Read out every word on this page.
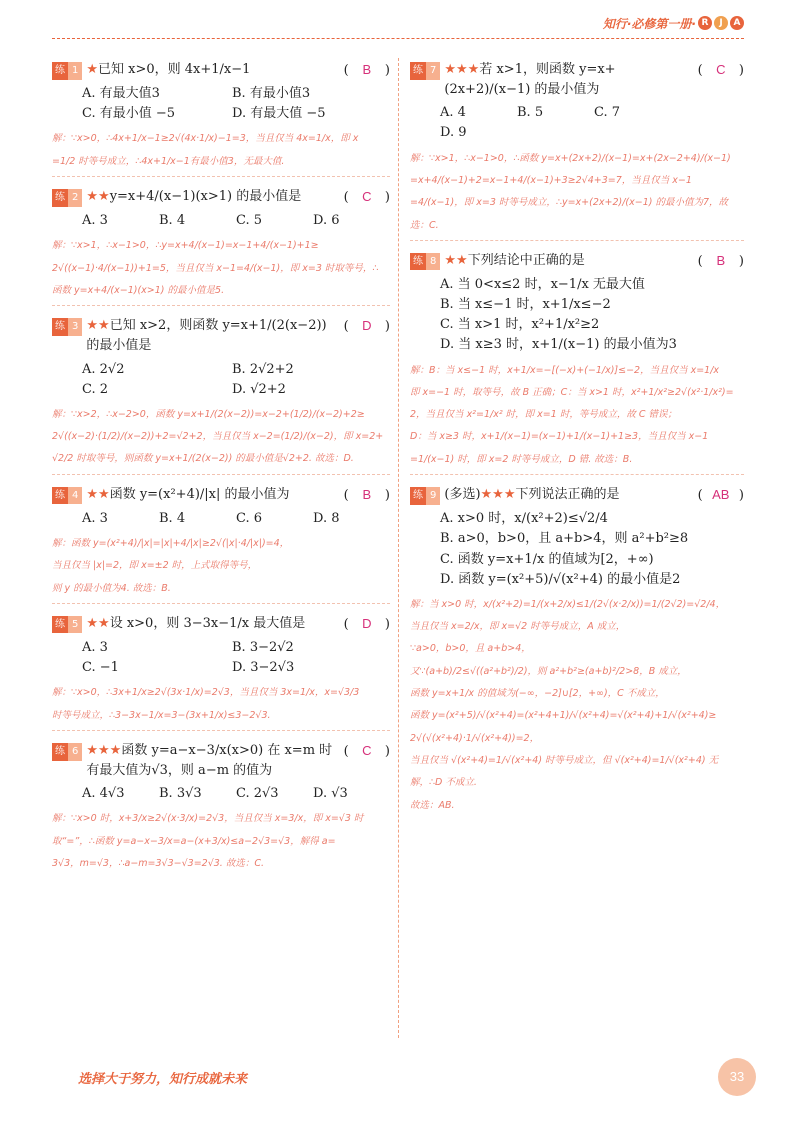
知行·必修第一册· R	J	A
练 1 ★已知 x>0，则 4x+1/x−1	( B )
A. 有最大值3	B. 有最小值3
C. 有最小值 −5	D. 有最大值 −5
解：∵x>0，∴4x+1/x−1≥2√(4x·1/x)−1=3，当且仅当 4x=1/x，即 x
=1/2 时等号成立，∴4x+1/x−1有最小值3，无最大值.
练 2 ★★y=x+4/(x−1)(x>1) 的最小值是	( C )
A. 3	B. 4	C. 5	D. 6
解：∵x>1，∴x−1>0，∴y=x+4/(x−1)=x−1+4/(x−1)+1≥
2√((x−1)·4/(x−1))+1=5，当且仅当 x−1=4/(x−1)，即 x=3 时取等号，∴
函数 y=x+4/(x−1)(x>1) 的最小值是5.
练 3 ★★已知 x>2，则函数 y=x+1/(2(x−2)) 的最小值是
( D )
A. 2√2	B. 2√2+2
C. 2	D. √2+2
解：∵x>2，∴x−2>0，函数 y=x+1/(2(x−2))=x−2+(1/2)/(x−2)+2≥
2√((x−2)·(1/2)/(x−2))+2=√2+2，当且仅当 x−2=(1/2)/(x−2)，即 x=2+
√2/2 时取等号，则函数 y=x+1/(2(x−2)) 的最小值是√2+2. 故选：D.
练 4 ★★函数 y=(x²+4)/|x| 的最小值为	( B )
A. 3	B. 4	C. 6	D. 8
解：函数 y=(x²+4)/|x|=|x|+4/|x|≥2√(|x|·4/|x|)=4，
当且仅当 |x|=2，即 x=±2 时，上式取得等号，
则 y 的最小值为4. 故选：B.
练 5 ★★设 x>0，则 3−3x−1/x 最大值是	( D )
A. 3	B. 3−2√2
C. −1	D. 3−2√3
解：∵x>0，∴3x+1/x≥2√(3x·1/x)=2√3，当且仅当 3x=1/x，x=√3/3
时等号成立，∴3−3x−1/x=3−(3x+1/x)≤3−2√3.
练 6 ★★★函数 y=a−x−3/x(x>0) 在 x=m 时有最大值为√3，则 a−m 的值为
( C )
A. 4√3	B. 3√3	C. 2√3	D. √3
解：∵x>0 时，x+3/x≥2√(x·3/x)=2√3，当且仅当 x=3/x，即 x=√3 时
取“=”，∴函数 y=a−x−3/x=a−(x+3/x)≤a−2√3=√3，解得 a=
3√3，m=√3，∴a−m=3√3−√3=2√3. 故选：C.
练 7 ★★★若 x>1，则函数 y=x+(2x+2)/(x−1) 的最小值为
( C )
A. 4	B. 5	C. 7
D. 9
解：∵x>1，∴x−1>0，∴函数 y=x+(2x+2)/(x−1)=x+(2x−2+4)/(x−1)
=x+4/(x−1)+2=x−1+4/(x−1)+3≥2√4+3=7，当且仅当 x−1
=4/(x−1)，即 x=3 时等号成立，∴y=x+(2x+2)/(x−1) 的最小值为7，故选：C.
练 8 ★★下列结论中正确的是	( B )
A. 当 0<x≤2 时，x−1/x 无最大值
B. 当 x≤−1 时，x+1/x≤−2
C. 当 x>1 时，x²+1/x²≥2
D. 当 x≥3 时，x+1/(x−1) 的最小值为3
解：B：当 x≤−1 时，x+1/x=−[(−x)+(−1/x)]≤−2，当且仅当 x=1/x
即 x=−1 时，取等号，故 B 正确；C：当 x>1 时，x²+1/x²≥2√(x²·1/x²)=
2，当且仅当 x²=1/x² 时，即 x=1 时，等号成立，故 C 错误；
D：当 x≥3 时，x+1/(x−1)=(x−1)+1/(x−1)+1≥3，当且仅当 x−1
=1/(x−1) 时，即 x=2 时等号成立，D 错. 故选：B.
练 9 (多选)★★★下列说法正确的是	( AB )
A. x>0 时，x/(x²+2)≤√2/4
B. a>0，b>0，且 a+b>4，则 a²+b²≥8
C. 函数 y=x+1/x 的值域为[2，+∞)
D. 函数 y=(x²+5)/√(x²+4) 的最小值是2
解：当 x>0 时，x/(x²+2)=1/(x+2/x)≤1/(2√(x·2/x))=1/(2√2)=√2/4，
当且仅当 x=2/x，即 x=√2 时等号成立，A 成立，
∵a>0，b>0，且 a+b>4，
又∵(a+b)/2≤√((a²+b²)/2)，则 a²+b²≥(a+b)²/2>8，B 成立，
函数 y=x+1/x 的值域为(−∞，−2]∪[2，+∞)，C 不成立，
函数 y=(x²+5)/√(x²+4)=(x²+4+1)/√(x²+4)=√(x²+4)+1/√(x²+4)≥
2√(√(x²+4)·1/√(x²+4))=2，
当且仅当 √(x²+4)=1/√(x²+4) 时等号成立，但 √(x²+4)=1/√(x²+4) 无
解，∴D 不成立.
故选：AB.
选择大于努力，知行成就未来	33
